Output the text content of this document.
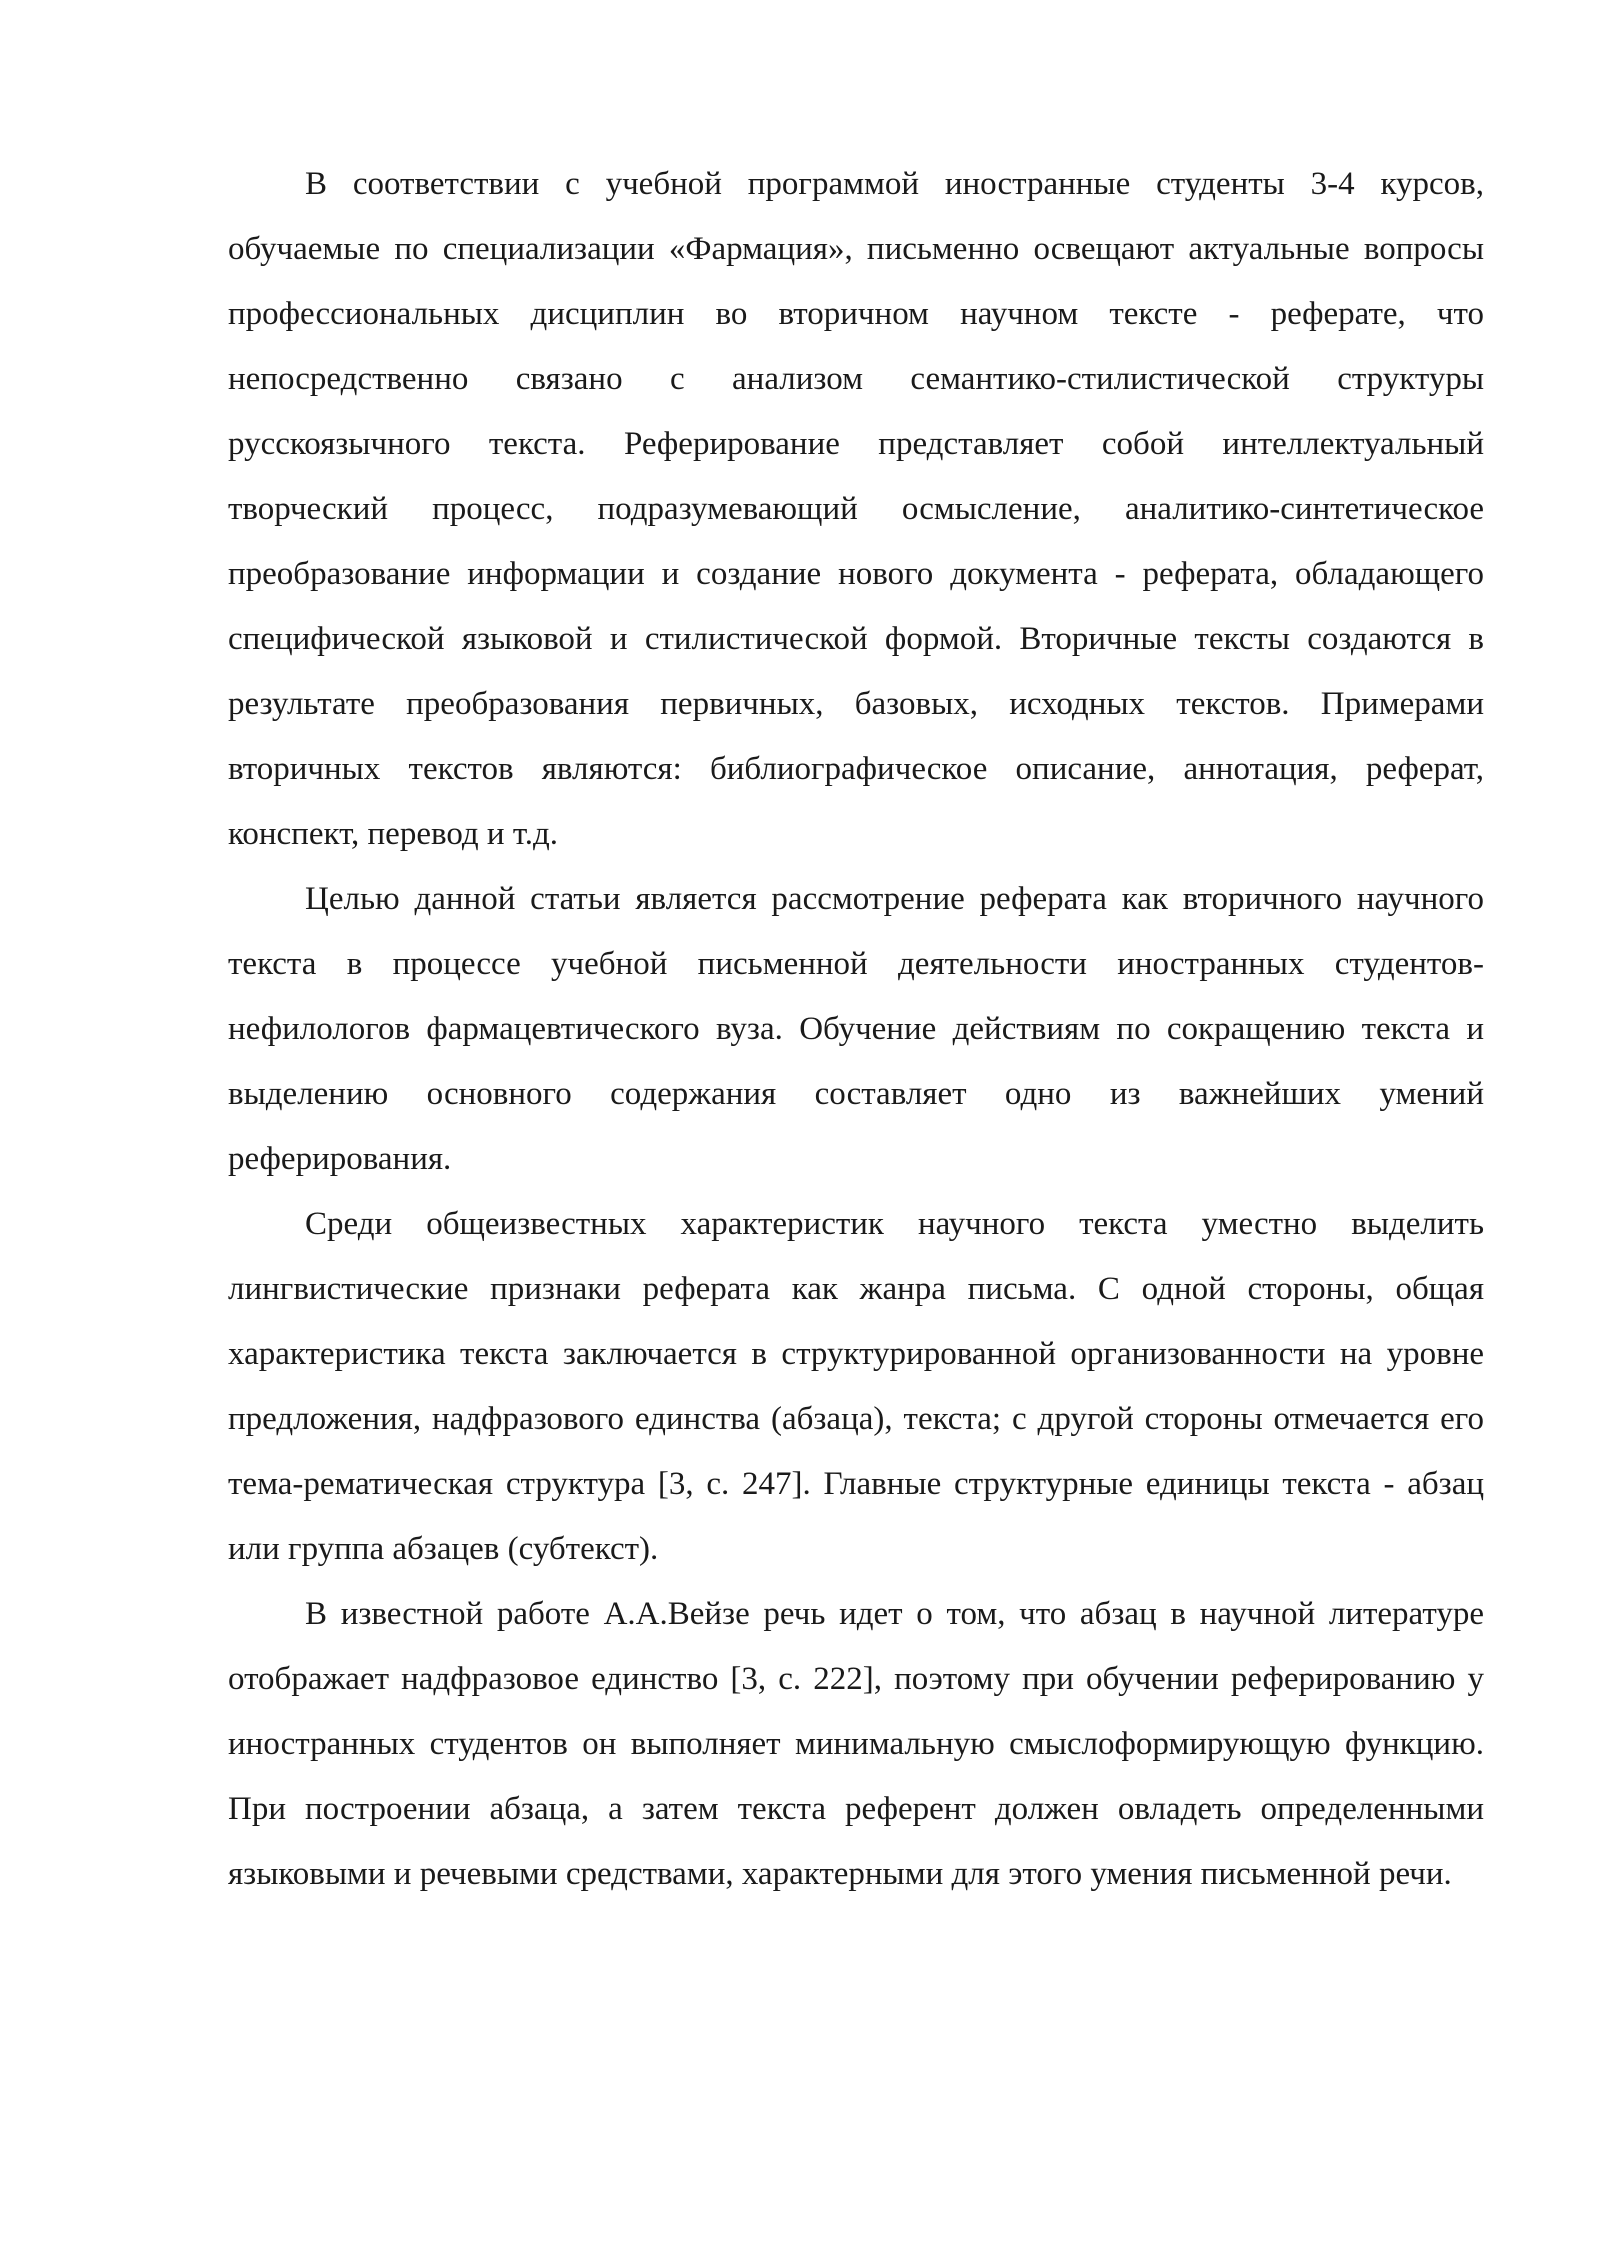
В соответствии с учебной программой иностранные студенты 3-4 курсов, обучаемые по специализации «Фармация», письменно освещают актуальные вопросы профессиональных дисциплин во вторичном научном тексте - реферате, что непосредственно связано с анализом семантико-стилистической структуры русскоязычного текста. Реферирование представляет собой интеллектуальный творческий процесс, подразумевающий осмысление, аналитико-синтетическое преобразование информации и создание нового документа - реферата, обладающего специфической языковой и стилистической формой. Вторичные тексты создаются в результате преобразования первичных, базовых, исходных текстов. Примерами вторичных текстов являются: библиографическое описание, аннотация, реферат, конспект, перевод и т.д.

Целью данной статьи является рассмотрение реферата как вторичного научного текста в процессе учебной письменной деятельности иностранных студентов-нефилологов фармацевтического вуза. Обучение действиям по сокращению текста и выделению основного содержания составляет одно из важнейших умений реферирования.

Среди общеизвестных характеристик научного текста уместно выделить лингвистические признаки реферата как жанра письма. С одной стороны, общая характеристика текста заключается в структурированной организованности на уровне предложения, надфразового единства (абзаца), текста; с другой стороны отмечается его тема-рематическая структура [3, с. 247]. Главные структурные единицы текста - абзац или группа абзацев (субтекст).

В известной работе А.А.Вейзе речь идет о том, что абзац в научной литературе отображает надфразовое единство [3, с. 222], поэтому при обучении реферированию у иностранных студентов он выполняет минимальную смыслоформирующую функцию. При построении абзаца, а затем текста референт должен овладеть определенными языковыми и речевыми средствами, характерными для этого умения письменной речи.
